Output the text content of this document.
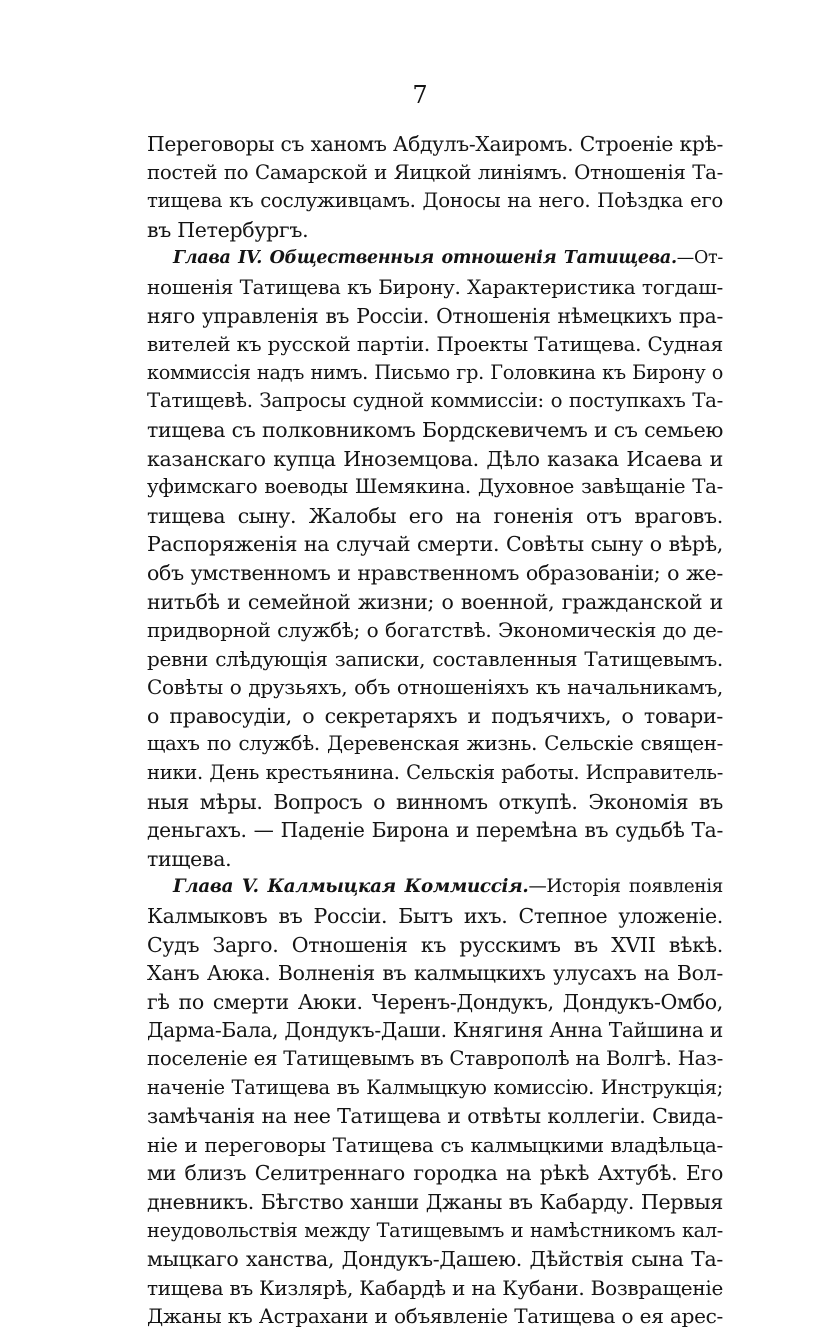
7
Переговоры съ ханомъ Абдулъ-Хаиромъ. Строеніе крѣ-
постей по Самарской и Яицкой линіямъ. Отношенія Та-
тищева къ сослуживцамъ. Доносы на него. Поѣздка его
въ Петербургъ.
Глава IV. Общественныя отношенія Татищева.—От-
ношенія Татищева къ Бирону. Характеристика тогдаш-
няго управленія въ Россіи. Отношенія нѣмецкихъ пра-
вителей къ русской партіи. Проекты Татищева. Судная
коммиссія надъ нимъ. Письмо гр. Головкина къ Бирону о
Татищевѣ. Запросы судной коммиссіи: о поступкахъ Та-
тищева съ полковникомъ Бордскевичемъ и съ семьею
казанскаго купца Иноземцова. Дѣло казака Исаева и
уфимскаго воеводы Шемякина. Духовное завѣщаніе Та-
тищева сыну. Жалобы его на гоненія отъ враговъ.
Распоряженія на случай смерти. Совѣты сыну о вѣрѣ,
объ умственномъ и нравственномъ образованіи; о же-
нитьбѣ и семейной жизни; о военной, гражданской и
придворной службѣ; о богатствѣ. Экономическія до де-
ревни слѣдующія записки, составленныя Татищевымъ.
Совѣты о друзьяхъ, объ отношеніяхъ къ начальникамъ,
о правосудіи, о секретаряхъ и подъячихъ, о товари-
щахъ по службѣ. Деревенская жизнь. Сельскіе священ-
ники. День крестьянина. Сельскія работы. Исправитель-
ныя мѣры. Вопросъ о винномъ откупѣ. Экономія въ
деньгахъ. — Паденіе Бирона и перемѣна въ судьбѣ Та-
тищева.
Глава V. Калмыцкая Коммиссія.—Исторія появленія
Калмыковъ въ Россіи. Бытъ ихъ. Степное уложеніе.
Судъ Зарго. Отношенія къ русскимъ въ XVII вѣкѣ.
Ханъ Аюка. Волненія въ калмыцкихъ улусахъ на Вол-
гѣ по смерти Аюки. Черенъ-Дондукъ, Дондукъ-Омбо,
Дарма-Бала, Дондукъ-Даши. Княгиня Анна Тайшина и
поселеніе ея Татищевымъ въ Ставрополѣ на Волгѣ. Наз-
наченіе Татищева въ Калмыцкую комиссію. Инструкція;
замѣчанія на нее Татищева и отвѣты коллегіи. Свида-
ніе и переговоры Татищева съ калмыцкими владѣльца-
ми близъ Селитреннаго городка на рѣкѣ Ахтубѣ. Его
дневникъ. Бѣгство ханши Джаны въ Кабарду. Первыя
неудовольствія между Татищевымъ и намѣстникомъ кал-
мыцкаго ханства, Дондукъ-Дашею. Дѣйствія сына Та-
тищева въ Кизлярѣ, Кабардѣ и на Кубани. Возвращеніе
Джаны къ Астрахани и объявленіе Татищева о ея арес-
